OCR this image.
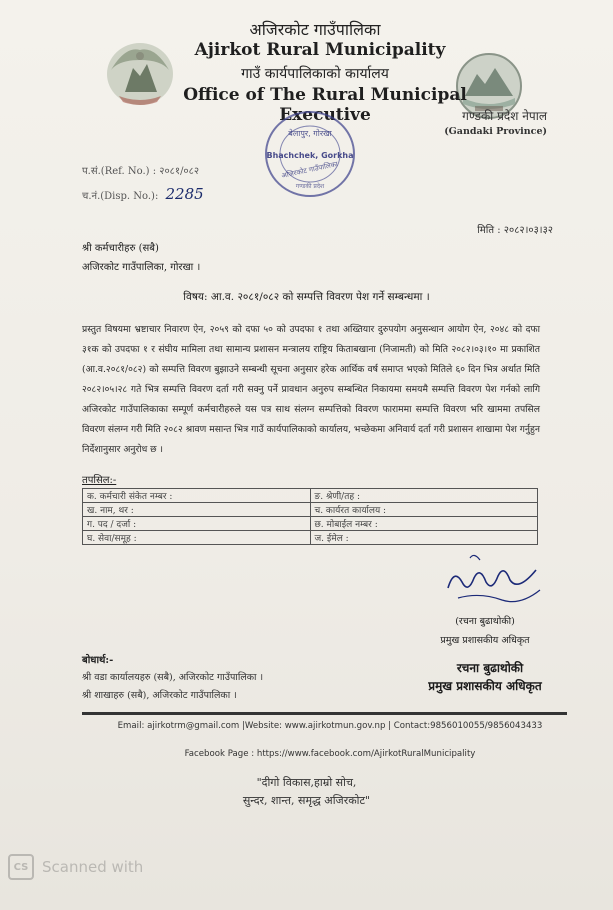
अजिरकोट गाउँपालिका
Ajirkot Rural Municipality
गाउँ कार्यपालिकाको कार्यालय
Office of The Rural Municipal Executive	गण्डकी प्रदेश नेपाल
(Gandaki Province)
बेलापुर, गोरखा
Bhachchek, Gorkha
अजिरकोट गाउँपालिका
गण्डकी प्रदेश
प.सं.(Ref. No.) : २०८१/०८२
च.नं.(Disp. No.): 2285
मिति : २०८२।०३।३२
श्री कर्मचारीहरु (सबै)
अजिरकोट गाउँपालिका, गोरखा ।
विषय: आ.व. २०८१/०८२ को सम्पत्ति विवरण पेश गर्ने सम्बन्धमा ।
प्रस्तुत विषयमा भ्रष्टाचार निवारण ऐन, २०५९ को दफा ५० को उपदफा १ तथा अख्तियार दुरुपयोग अनुसन्धान आयोग ऐन, २०४८ को दफा ३१क को उपदफा १ र संघीय मामिला तथा सामान्य प्रशासन मन्त्रालय राष्ट्रिय किताबखाना (निजामती) को मिति २०८२।०३।१० मा प्रकाशित (आ.व.२०८१/०८२) को सम्पत्ति विवरण बुझाउने सम्बन्धी सूचना अनुसार हरेक आर्थिक वर्ष समाप्त भएको मितिले ६० दिन भित्र अर्थात मिति २०८२।०५।२८ गते भित्र सम्पत्ति विवरण दर्ता गरी सक्नु पर्ने प्रावधान अनुरुप सम्बन्धित निकायमा समयमै सम्पत्ति विवरण पेश गर्नको लागि अजिरकोट गाउँपालिकाका सम्पूर्ण कर्मचारीहरुले यस पत्र साथ संलग्न सम्पत्तिको विवरण फाराममा सम्पत्ति विवरण भरि खाममा तपसिल विवरण संलग्न गरी मिति २०८२ श्रावण मसान्त भित्र गाउँ कार्यपालिकाको कार्यालय, भच्छेकमा अनिवार्य दर्ता गरी प्रशासन शाखामा पेश गर्नुहुन निर्देशानुसार अनुरोध छ ।
तपसिल:-
क. कर्मचारी संकेत नम्बर :	ङ. श्रेणी/तह :
ख. नाम, थर :	च. कार्यरत कार्यालय :
ग. पद / दर्जा :	छ. मोबाईल नम्बर :
घ. सेवा/समूह :	ज. ईमेल :
(रचना बुढाथोकी)
प्रमुख प्रशासकीय अधिकृत
रचना बुढाथोकी
प्रमुख प्रशासकीय अधिकृत
बोधार्थ:-
श्री वडा कार्यालयहरु (सबै), अजिरकोट गाउँपालिका ।
श्री शाखाहरु (सबै), अजिरकोट गाउँपालिका ।
Email: ajirkotrm@gmail.com |Website: www.ajirkotmun.gov.np | Contact:9856010055/9856043433
Facebook Page : https://www.facebook.com/AjirkotRuralMunicipality
"दीगो विकास,हाम्रो सोच,
सुन्दर, शान्त, समृद्ध अजिरकोट"
CS Scanned with
